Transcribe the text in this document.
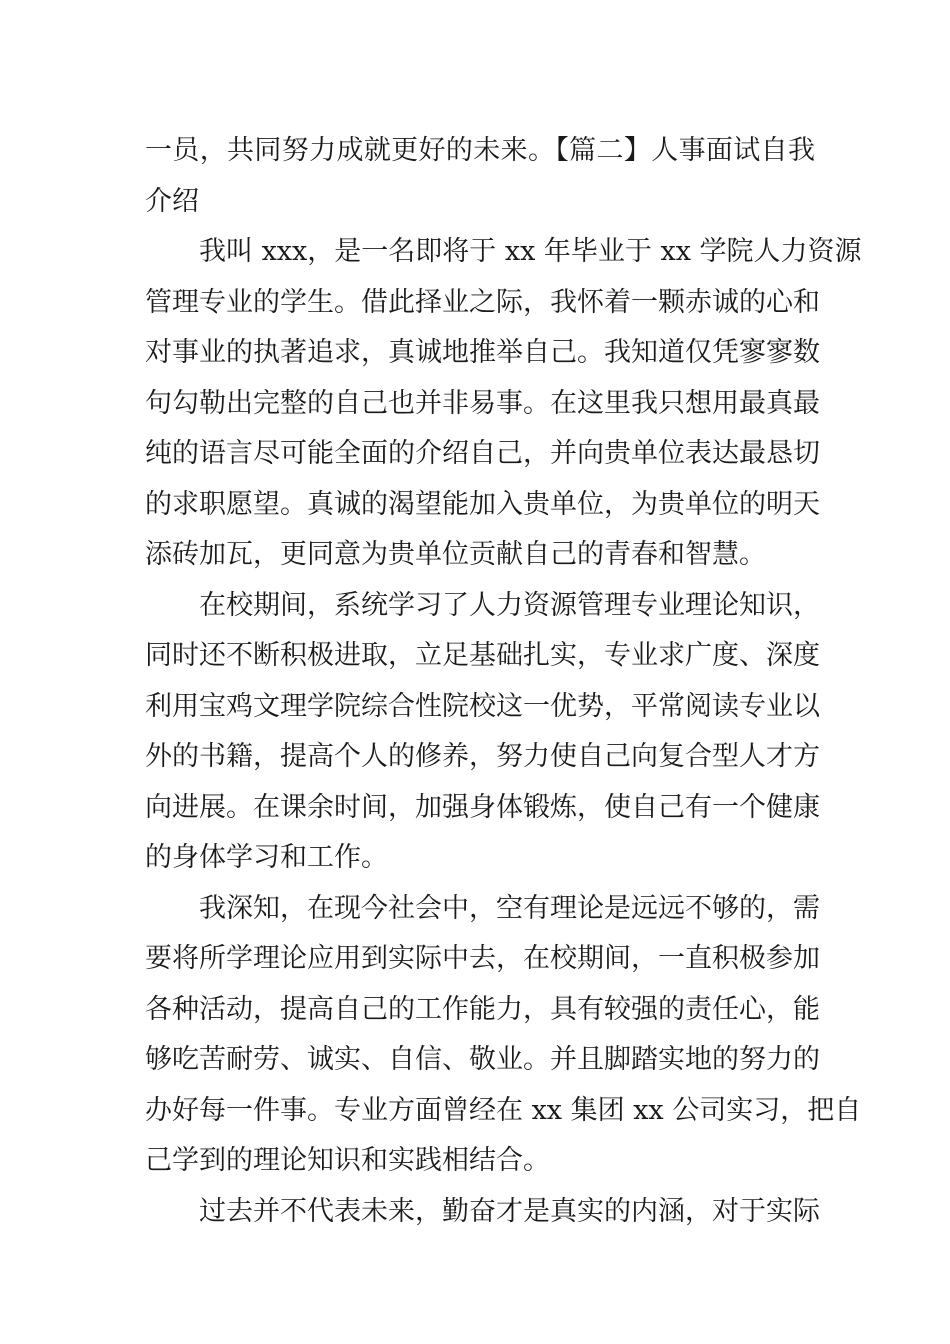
一员，共同努力成就更好的未来。【篇二】人事面试自我
介绍
我叫 xxx，是一名即将于 xx 年毕业于 xx 学院人力资源
管理专业的学生。借此择业之际，我怀着一颗赤诚的心和
对事业的执著追求，真诚地推举自己。我知道仅凭寥寥数
句勾勒出完整的自己也并非易事。在这里我只想用最真最
纯的语言尽可能全面的介绍自己，并向贵单位表达最恳切
的求职愿望。真诚的渴望能加入贵单位，为贵单位的明天
添砖加瓦，更同意为贵单位贡献自己的青春和智慧。
在校期间，系统学习了人力资源管理专业理论知识，
同时还不断积极进取，立足基础扎实，专业求广度、深度
利用宝鸡文理学院综合性院校这一优势，平常阅读专业以
外的书籍，提高个人的修养，努力使自己向复合型人才方
向进展。在课余时间，加强身体锻炼，使自己有一个健康
的身体学习和工作。
我深知，在现今社会中，空有理论是远远不够的，需
要将所学理论应用到实际中去，在校期间，一直积极参加
各种活动，提高自己的工作能力，具有较强的责任心，能
够吃苦耐劳、诚实、自信、敬业。并且脚踏实地的努力的
办好每一件事。专业方面曾经在 xx 集团 xx 公司实习，把自
己学到的理论知识和实践相结合。
过去并不代表未来，勤奋才是真实的内涵，对于实际
